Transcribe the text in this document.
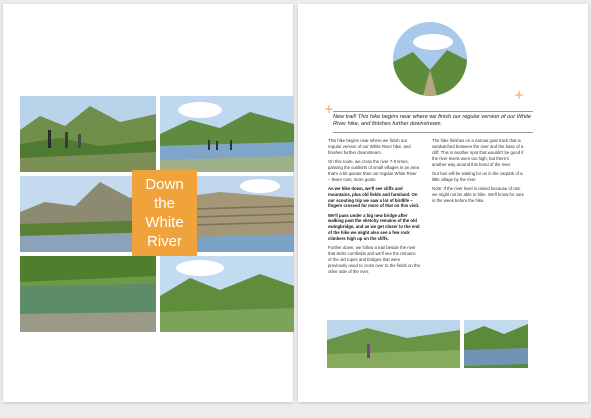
Down
the
White
River
+
+
New trail! This hike begins near where we finish our regular version of our White River hike, and finishes further downstream.

This hike begins near where we finish our regular version of our White River hike, and finishes further downstream.

On this route, we cross the river 7-8 times, passing the outskirts of small villages in an area that's a bit quieter than our regular White River – fewer cars, more goats.

As we hike down, we'll see cliffs and mountains, plus old fields and farmland. On our scouting trip we saw a lot of birdlife – fingers crossed for more of that on this visit.

We'll pass under a big new bridge after walking past the sketchy remains of the old swingbridge, and as we get closer to the end of the hike we might also see a few rock climbers high up on the cliffs.

Further down, we follow a trail beside the river that skirts cornfields and we'll see the remains of the old ropes and bridges that were previously used to cross over to the fields on the other side of the river.

The hike finishes on a narrow goat track that is sandwiched between the river and the base of a cliff. This is another spot that wouldn't be good if the river levels were too high, but there's another way around this bend of the river.

Our bus will be waiting for us in the carpark of a little village by the river.

Note: If the river level is raised because of rain we might not be able to hike. We'll know for sure in the week before the hike.
